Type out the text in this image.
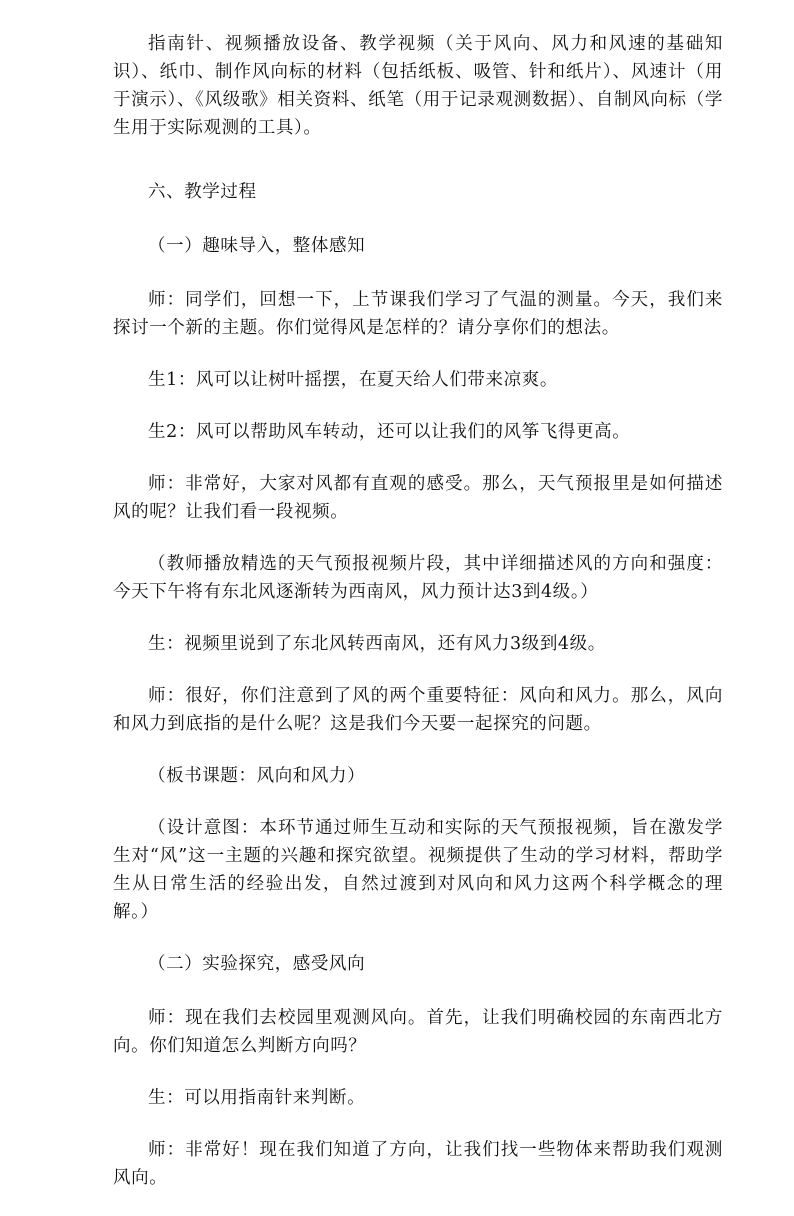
指南针、视频播放设备、教学视频（关于风向、风力和风速的基础知识）、纸巾、制作风向标的材料（包括纸板、吸管、针和纸片）、风速计（用于演示）、《风级歌》相关资料、纸笔（用于记录观测数据）、自制风向标（学生用于实际观测的工具）。

六、教学过程

（一）趣味导入，整体感知

师：同学们，回想一下，上节课我们学习了气温的测量。今天，我们来探讨一个新的主题。你们觉得风是怎样的？请分享你们的想法。

生1：风可以让树叶摇摆，在夏天给人们带来凉爽。

生2：风可以帮助风车转动，还可以让我们的风筝飞得更高。

师：非常好，大家对风都有直观的感受。那么，天气预报里是如何描述风的呢？让我们看一段视频。

（教师播放精选的天气预报视频片段，其中详细描述风的方向和强度：今天下午将有东北风逐渐转为西南风，风力预计达3到4级。）

生：视频里说到了东北风转西南风，还有风力3级到4级。

师：很好，你们注意到了风的两个重要特征：风向和风力。那么，风向和风力到底指的是什么呢？这是我们今天要一起探究的问题。

（板书课题：风向和风力）

（设计意图：本环节通过师生互动和实际的天气预报视频，旨在激发学生对“风”这一主题的兴趣和探究欲望。视频提供了生动的学习材料，帮助学生从日常生活的经验出发，自然过渡到对风向和风力这两个科学概念的理解。）

（二）实验探究，感受风向

师：现在我们去校园里观测风向。首先，让我们明确校园的东南西北方向。你们知道怎么判断方向吗？

生：可以用指南针来判断。

师：非常好！现在我们知道了方向，让我们找一些物体来帮助我们观测风向。
